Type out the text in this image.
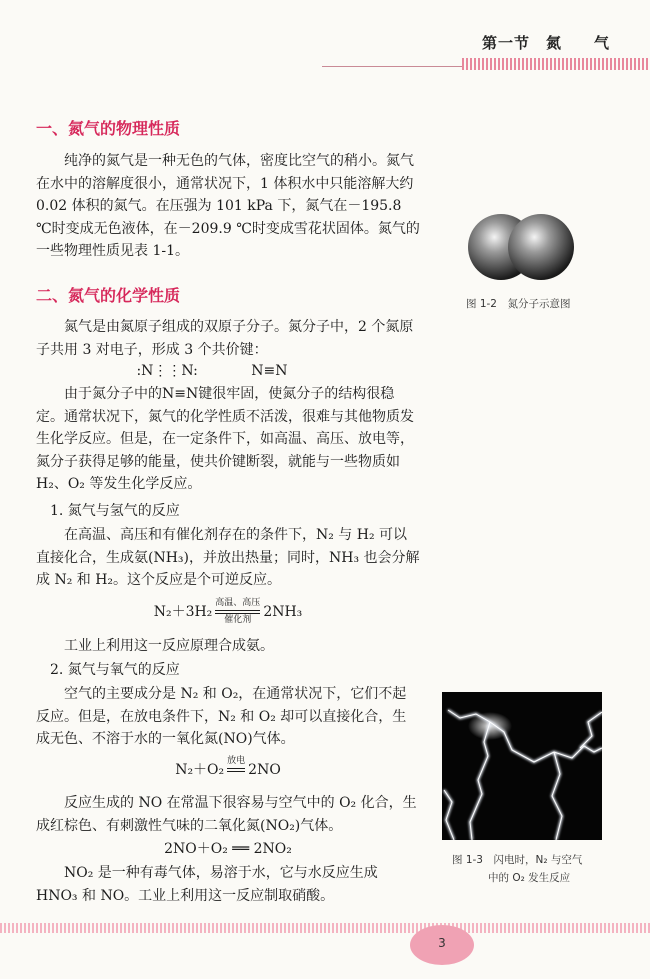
第一节　氮　　气
一、氮气的物理性质

纯净的氮气是一种无色的气体，密度比空气的稍小。氮气在水中的溶解度很小，通常状况下，1 体积水中只能溶解大约 0.02 体积的氮气。在压强为 101 kPa 下，氮气在－195.8 ℃时变成无色液体，在－209.9 ℃时变成雪花状固体。氮气的一些物理性质见表 1-1。

二、氮气的化学性质

氮气是由氮原子组成的双原子分子。氮分子中，2 个氮原子共用 3 对电子，形成 3 个共价键：

:N⋮⋮N:	N≡N

由于氮分子中的N≡N键很牢固，使氮分子的结构很稳定。通常状况下，氮气的化学性质不活泼，很难与其他物质发生化学反应。但是，在一定条件下，如高温、高压、放电等，氮分子获得足够的能量，使共价键断裂，就能与一些物质如 H₂、O₂ 等发生化学反应。

1. 氮气与氢气的反应

在高温、高压和有催化剂存在的条件下，N₂ 与 H₂ 可以直接化合，生成氨(NH₃)，并放出热量；同时，NH₃ 也会分解成 N₂ 和 H₂。这个反应是个可逆反应。

N₂＋3H₂高温、高压
催化剂 2NH₃

工业上利用这一反应原理合成氨。

2. 氮气与氧气的反应

空气的主要成分是 N₂ 和 O₂，在通常状况下，它们不起反应。但是，在放电条件下，N₂ 和 O₂ 却可以直接化合，生成无色、不溶于水的一氧化氮(NO)气体。

N₂＋O₂放电
2NO

反应生成的 NO 在常温下很容易与空气中的 O₂ 化合，生成红棕色、有刺激性气味的二氧化氮(NO₂)气体。

2NO＋O₂ ══ 2NO₂

NO₂ 是一种有毒气体，易溶于水，它与水反应生成 HNO₃ 和 NO。工业上利用这一反应制取硝酸。

图 1-2　氮分子示意图
图 1-3　闪电时，N₂ 与空气
中的 O₂ 发生反应
3
